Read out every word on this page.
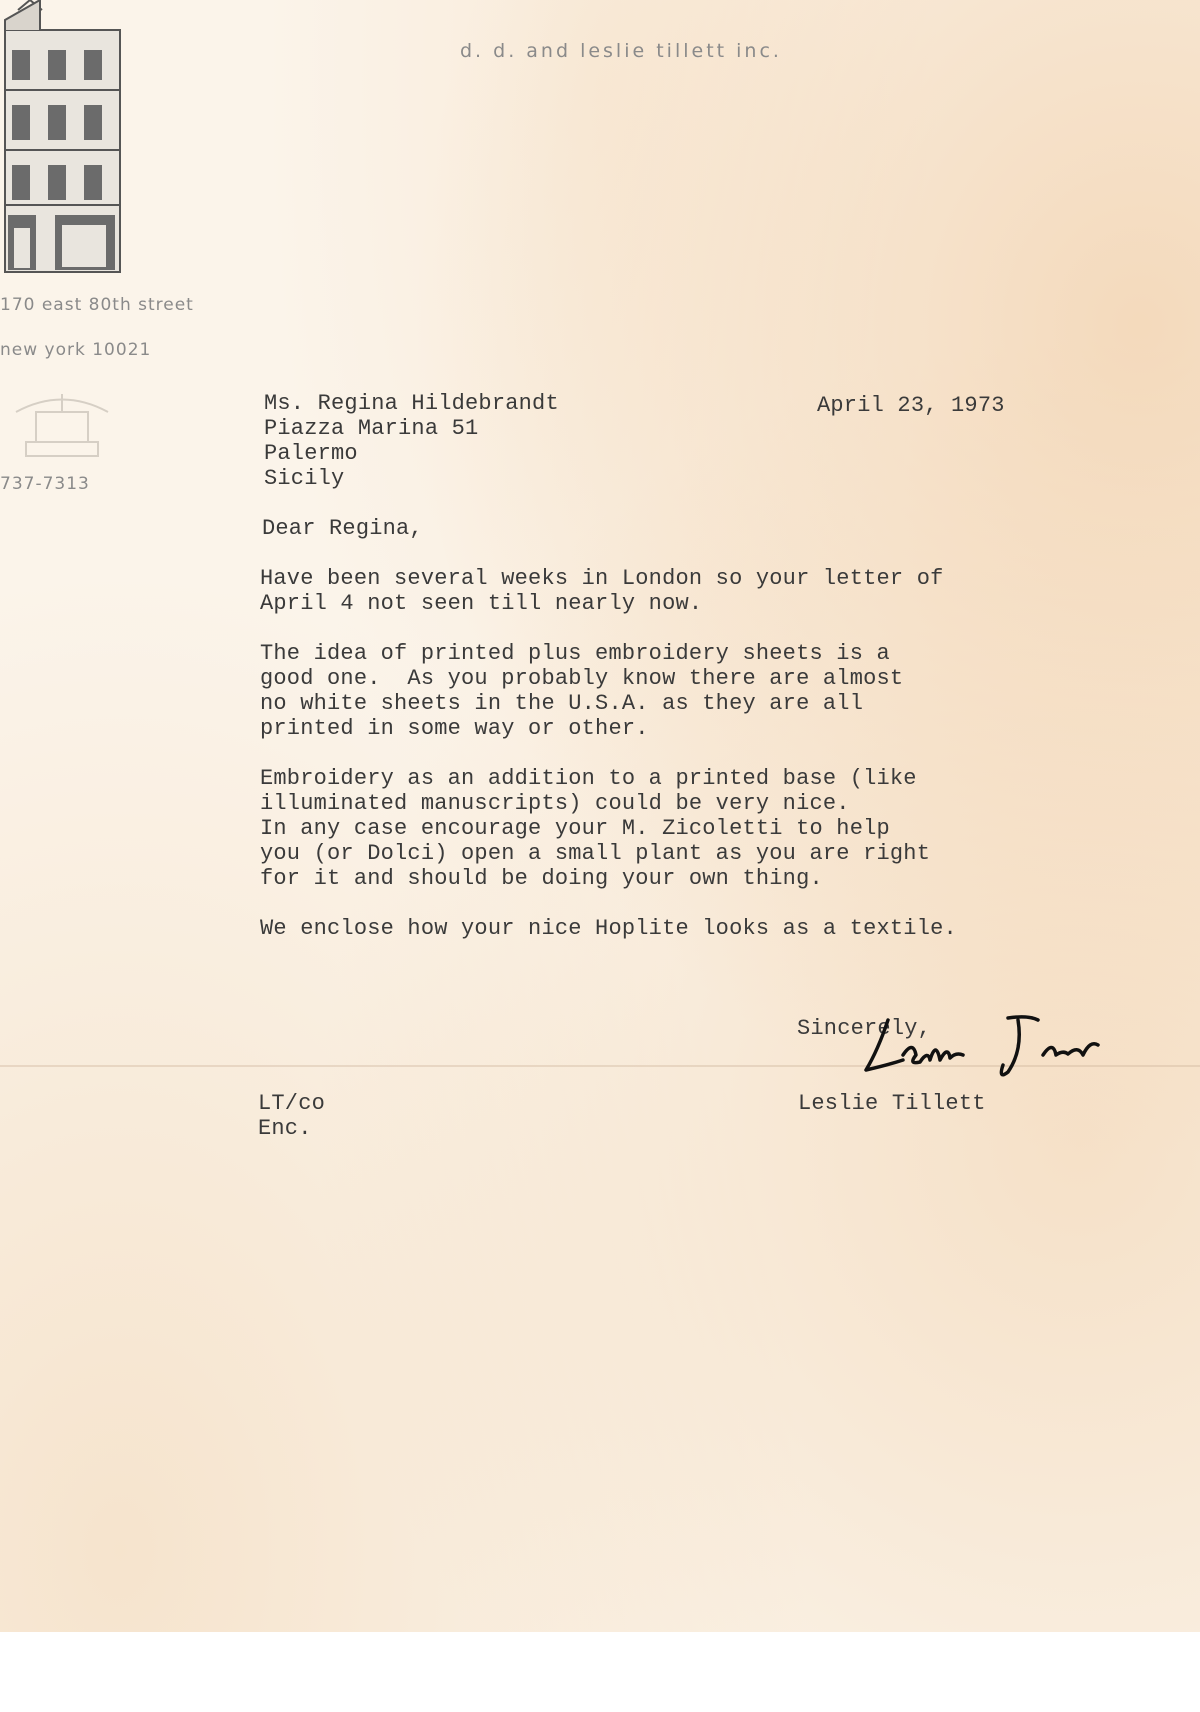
d. d. and leslie tillett inc.
170 east 80th street
new york 10021
737-7313
Ms. Regina Hildebrandt
Piazza Marina 51
Palermo
Sicily
April 23, 1973
Dear Regina,
Have been several weeks in London so your letter of
April 4 not seen till nearly now.
The idea of printed plus embroidery sheets is a
good one.  As you probably know there are almost
no white sheets in the U.S.A. as they are all
printed in some way or other.
Embroidery as an addition to a printed base (like
illuminated manuscripts) could be very nice.
In any case encourage your M. Zicoletti to help
you (or Dolci) open a small plant as you are right
for it and should be doing your own thing.
We enclose how your nice Hoplite looks as a textile.
Sincerely,
Leslie Tillett
LT/co
Enc.
